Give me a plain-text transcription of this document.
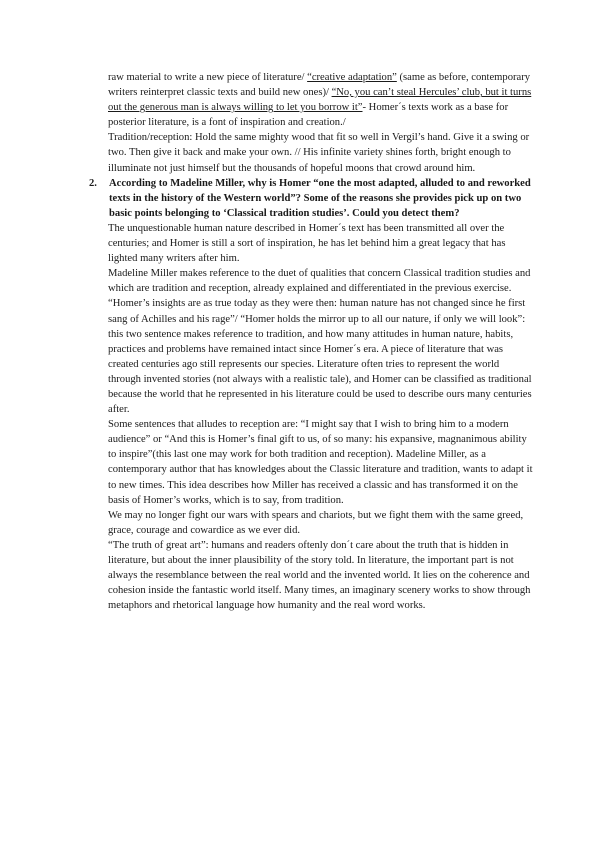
raw material to write a new piece of literature/ “creative adaptation” (same as before, contemporary writers reinterpret classic texts and build new ones)/ “No, you can’t steal Hercules’ club, but it turns out the generous man is always willing to let you borrow it”- Homer´s texts work as a base for posterior literature, is a font of inspiration and creation./

Tradition/reception: Hold the same mighty wood that fit so well in Vergil’s hand. Give it a swing or two. Then give it back and make your own. // His infinite variety shines forth, bright enough to illuminate not just himself but the thousands of hopeful moons that crowd around him.

2.	According to Madeline Miller, why is Homer “one the most adapted, alluded to and reworked texts in the history of the Western world”? Some of the reasons she provides pick up on two basic points belonging to ‘Classical tradition studies’. Could you detect them?

The unquestionable human nature described in Homer´s text has been transmitted all over the centuries; and Homer is still a sort of inspiration, he has let behind him a great legacy that has lighted many writers after him.

Madeline Miller makes reference to the duet of qualities that concern Classical tradition studies and which are tradition and reception, already explained and differentiated in the previous exercise.

“Homer’s insights are as true today as they were then: human nature has not changed since he first sang of Achilles and his rage”/ “Homer holds the mirror up to all our nature, if only we will look”: this two sentence makes reference to tradition, and how many attitudes in human nature, habits, practices and problems have remained intact since Homer´s era. A piece of literature that was created centuries ago still represents our species. Literature often tries to represent the world through invented stories (not always with a realistic tale), and Homer can be classified as traditional because the world that he represented in his literature could be used to describe ours many centuries after.

Some sentences that alludes to reception are: “I might say that I wish to bring him to a modern audience” or “And this is Homer’s final gift to us, of so many: his expansive, magnanimous ability to inspire”(this last one may work for both tradition and reception). Madeline Miller, as a contemporary author that has knowledges about the Classic literature and tradition, wants to adapt it to new times. This idea describes how Miller has received a classic and has transformed it on the basis of Homer’s works, which is to say, from tradition.

We may no longer fight our wars with spears and chariots, but we fight them with the same greed, grace, courage and cowardice as we ever did.

“The truth of great art”: humans and readers oftenly don´t care about the truth that is hidden in literature, but about the inner plausibility of the story told. In literature, the important part is not always the resemblance between the real world and the invented world. It lies on the coherence and cohesion inside the fantastic world itself. Many times, an imaginary scenery works to show through metaphors and rhetorical language how humanity and the real word works.
